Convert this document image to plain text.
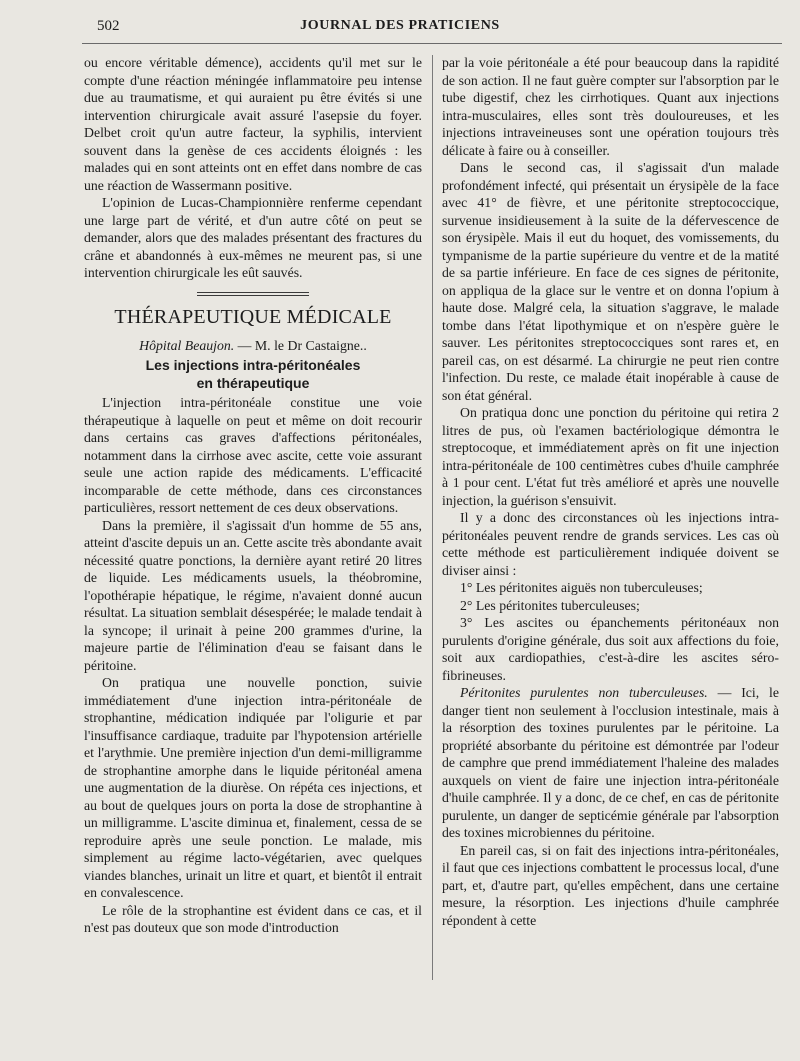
502	JOURNAL DES PRATICIENS

ou encore véritable démence), accidents qu'il met sur le compte d'une réaction méningée inflammatoire peu intense due au traumatisme, et qui auraient pu être évités si une intervention chirurgicale avait assuré l'asepsie du foyer. Delbet croit qu'un autre facteur, la syphilis, intervient souvent dans la genèse de ces accidents éloignés : les malades qui en sont atteints ont en effet dans nombre de cas une réaction de Wassermann positive.

L'opinion de Lucas-Championnière renferme cependant une large part de vérité, et d'un autre côté on peut se demander, alors que des malades présentant des fractures du crâne et abandonnés à eux-mêmes ne meurent pas, si une intervention chirurgicale les eût sauvés.

THÉRAPEUTIQUE MÉDICALE
Hôpital Beaujon. — M. le Dr Castaigne..
Les injections intra-péritonéales
en thérapeutique

L'injection intra-péritonéale constitue une voie thérapeutique à laquelle on peut et même on doit recourir dans certains cas graves d'affections péritonéales, notamment dans la cirrhose avec ascite, cette voie assurant seule une action rapide des médicaments. L'efficacité incomparable de cette méthode, dans ces circonstances particulières, ressort nettement de ces deux observations.

Dans la première, il s'agissait d'un homme de 55 ans, atteint d'ascite depuis un an. Cette ascite très abondante avait nécessité quatre ponctions, la dernière ayant retiré 20 litres de liquide. Les médicaments usuels, la théobromine, l'opothérapie hépatique, le régime, n'avaient donné aucun résultat. La situation semblait désespérée; le malade tendait à la syncope; il urinait à peine 200 grammes d'urine, la majeure partie de l'élimination d'eau se faisant dans le péritoine.

On pratiqua une nouvelle ponction, suivie immédiatement d'une injection intra-péritonéale de strophantine, médication indiquée par l'oligurie et par l'insuffisance cardiaque, traduite par l'hypotension artérielle et l'arythmie. Une première injection d'un demi-milligramme de strophantine amorphe dans le liquide péritonéal amena une augmentation de la diurèse. On répéta ces injections, et au bout de quelques jours on porta la dose de strophantine à un milligramme. L'ascite diminua et, finalement, cessa de se reproduire après une seule ponction. Le malade, mis simplement au régime lacto-végétarien, avec quelques viandes blanches, urinait un litre et quart, et bientôt il entrait en convalescence.

Le rôle de la strophantine est évident dans ce cas, et il n'est pas douteux que son mode d'introduction

par la voie péritonéale a été pour beaucoup dans la rapidité de son action. Il ne faut guère compter sur l'absorption par le tube digestif, chez les cirrhotiques. Quant aux injections intra-musculaires, elles sont très douloureuses, et les injections intraveineuses sont une opération toujours très délicate à faire ou à conseiller.

Dans le second cas, il s'agissait d'un malade profondément infecté, qui présentait un érysipèle de la face avec 41° de fièvre, et une péritonite streptococcique, survenue insidieusement à la suite de la défervescence de son érysipèle. Mais il eut du hoquet, des vomissements, du tympanisme de la partie supérieure du ventre et de la matité de sa partie inférieure. En face de ces signes de péritonite, on appliqua de la glace sur le ventre et on donna l'opium à haute dose. Malgré cela, la situation s'aggrave, le malade tombe dans l'état lipothymique et on n'espère guère le sauver. Les péritonites streptococciques sont rares et, en pareil cas, on est désarmé. La chirurgie ne peut rien contre l'infection. Du reste, ce malade était inopérable à cause de son état général.

On pratiqua donc une ponction du péritoine qui retira 2 litres de pus, où l'examen bactériologique démontra le streptocoque, et immédiatement après on fit une injection intra-péritonéale de 100 centimètres cubes d'huile camphrée à 1 pour cent. L'état fut très amélioré et après une nouvelle injection, la guérison s'ensuivit.

Il y a donc des circonstances où les injections intra-péritonéales peuvent rendre de grands services. Les cas où cette méthode est particulièrement indiquée doivent se diviser ainsi :

1° Les péritonites aiguës non tuberculeuses;

2° Les péritonites tuberculeuses;

3° Les ascites ou épanchements péritonéaux non purulents d'origine générale, dus soit aux affections du foie, soit aux cardiopathies, c'est-à-dire les ascites séro-fibrineuses.

Péritonites purulentes non tuberculeuses. — Ici, le danger tient non seulement à l'occlusion intestinale, mais à la résorption des toxines purulentes par le péritoine. La propriété absorbante du péritoine est démontrée par l'odeur de camphre que prend immédiatement l'haleine des malades auxquels on vient de faire une injection intra-péritonéale d'huile camphrée. Il y a donc, de ce chef, en cas de péritonite purulente, un danger de septicémie générale par l'absorption des toxines microbiennes du péritoine.

En pareil cas, si on fait des injections intra-péritonéales, il faut que ces injections combattent le processus local, d'une part, et, d'autre part, qu'elles empêchent, dans une certaine mesure, la résorption. Les injections d'huile camphrée répondent à cette
